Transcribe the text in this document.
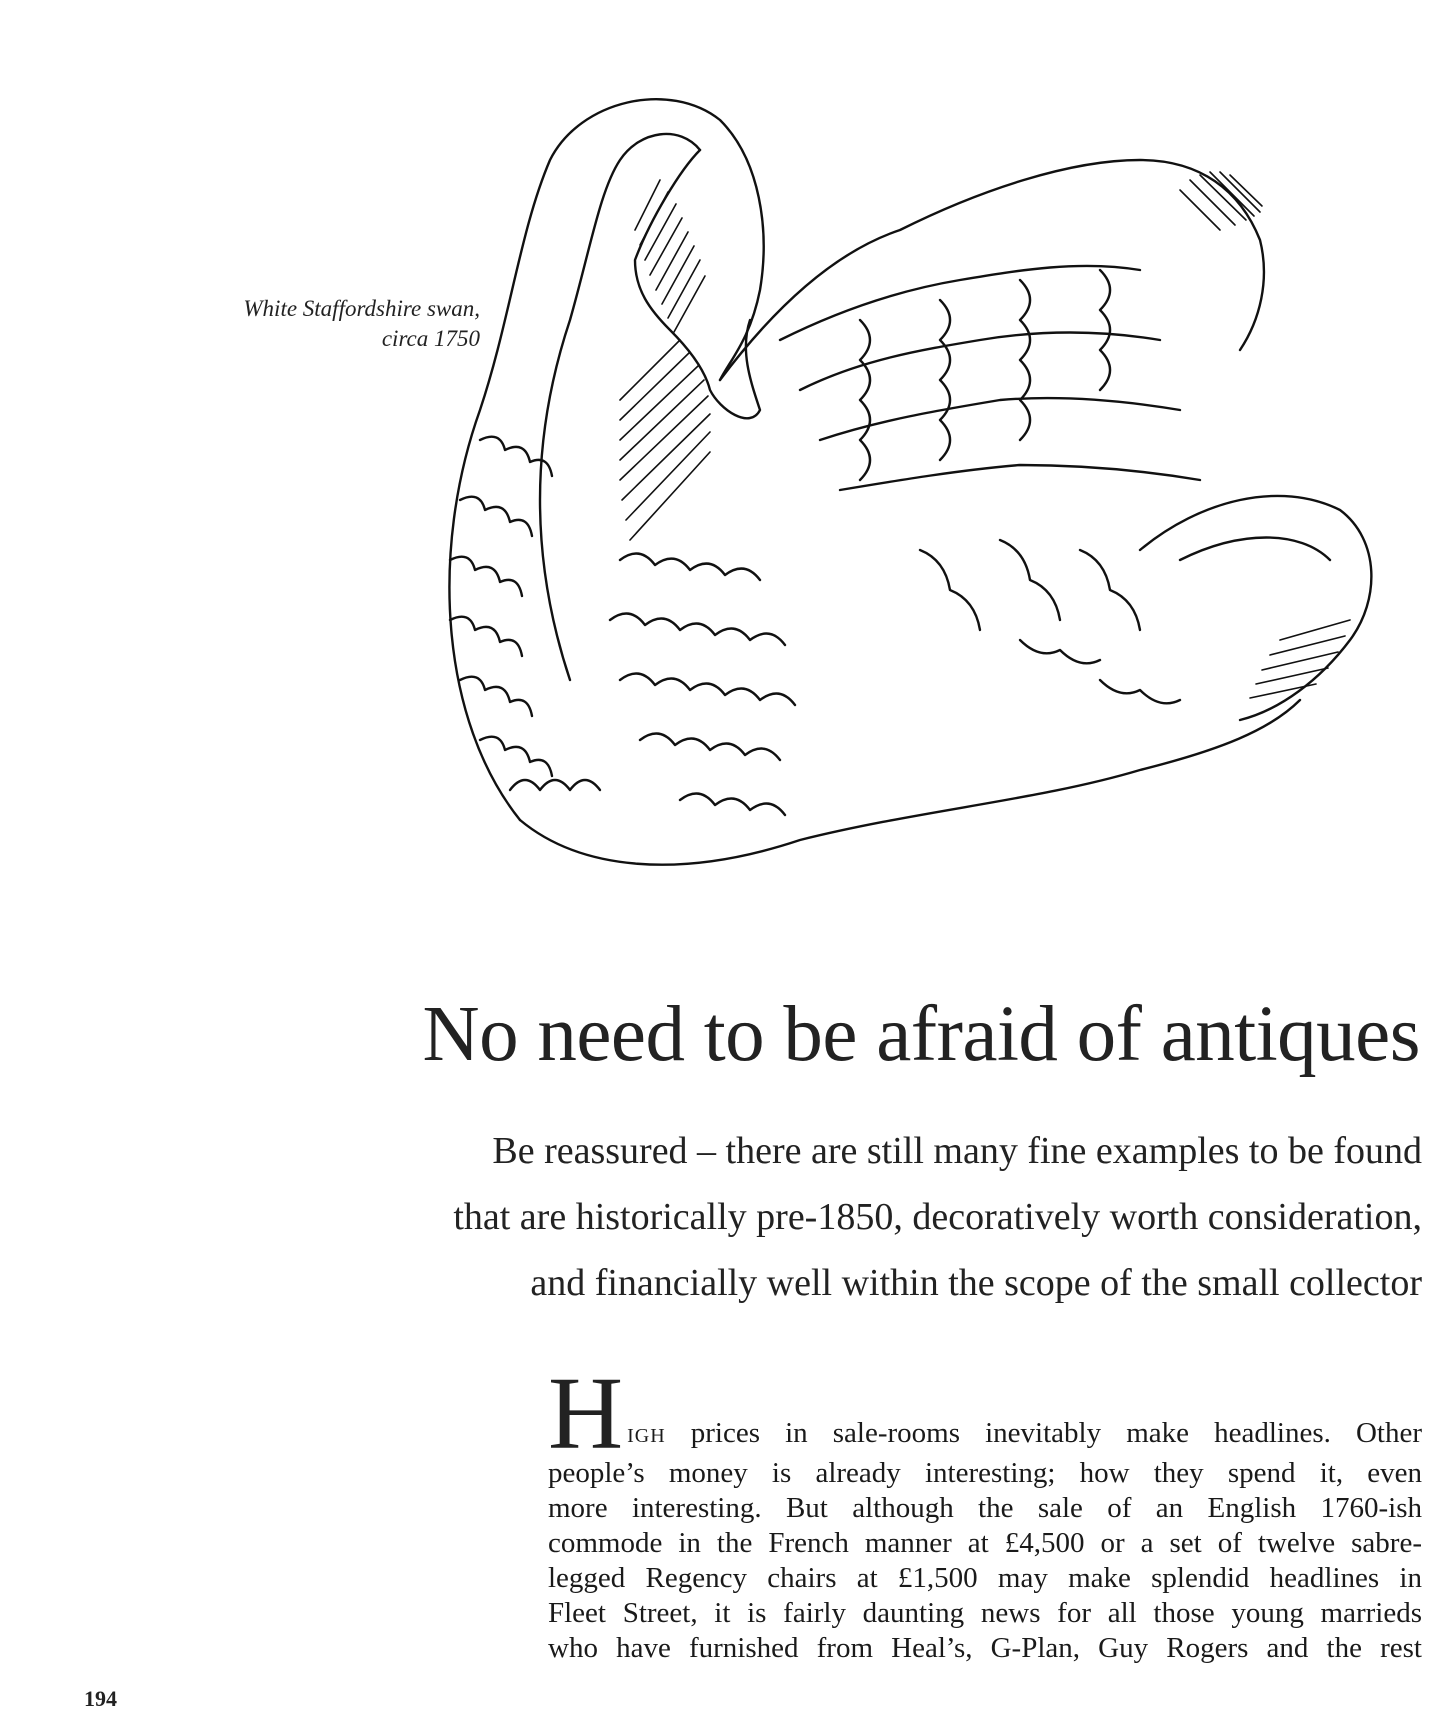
White Staffordshire swan,
circa 1750
No need to be afraid of antiques
Be reassured – there are still many fine examples to be found
that are historically pre-1850, decoratively worth consideration,
and financially well within the scope of the small collector
H igh prices in sale-rooms inevitably make headlines. Other
people’s money is already interesting; how they spend it, even
more interesting. But although the sale of an English 1760-ish
commode in the French manner at £4,500 or a set of twelve sabre-
legged Regency chairs at £1,500 may make splendid headlines in
Fleet Street, it is fairly daunting news for all those young marrieds
who have furnished from Heal’s, G-Plan, Guy Rogers and the rest
194
